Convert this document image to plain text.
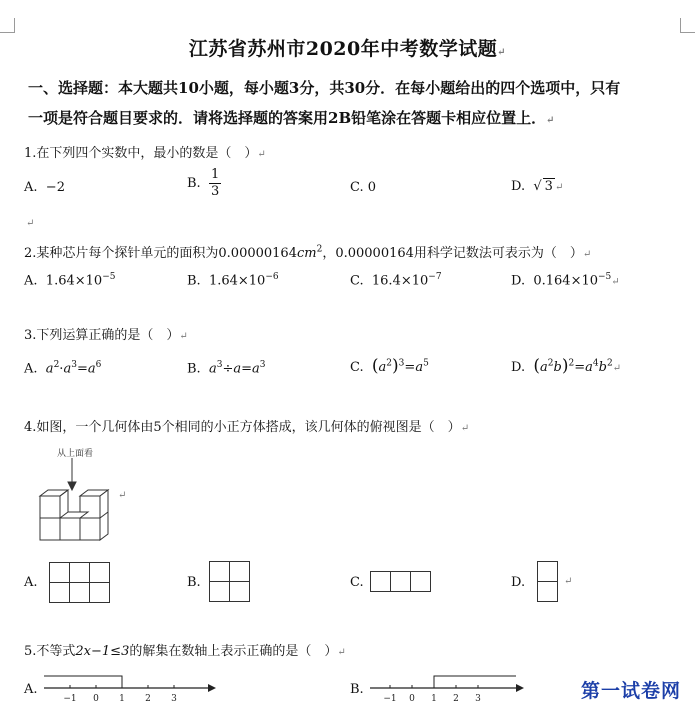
江苏省苏州市2020年中考数学试题↵
一、选择题：本大题共10小题，每小题3分，共30分．在每小题给出的四个选项中，只有
一项是符合题目要求的．请将选择题的答案用2B铅笔涂在答题卡相应位置上．↵
1.在下列四个实数中，最小的数是（　）↵
A. −2	B. $\frac{1}{3}$	C. 0	D.  √ 3 ↵
↵
2.某种芯片每个探针单元的面积为$0.00000164cm^2$，0.00000164用科学记数法可表示为（　）↵
A. $1.64\times 10^{-5}$	B. $1.64\times 10^{-6}$	C. $16.4\times 10^{-7}$	D. $0.164\times 10^{-5}↵$
3.下列运算正确的是（　）↵
A. $a^2\cdot a^3=a^6$	B. $a^3\div a=a^3$	C. $(a^2)^3=a^5$	D. $(a^2b)^2=a^4b^2↵$
4.如图，一个几何体由5个相同的小正方体搭成，该几何体的俯视图是（　）↵
从上面看
↵
A.	B.	C.	D.	↵
5.不等式2x−1≤3的解集在数轴上表示正确的是（　）↵
A.
−1 0 1 2 3
B.
−1 0 1 2 3	第一试卷网
